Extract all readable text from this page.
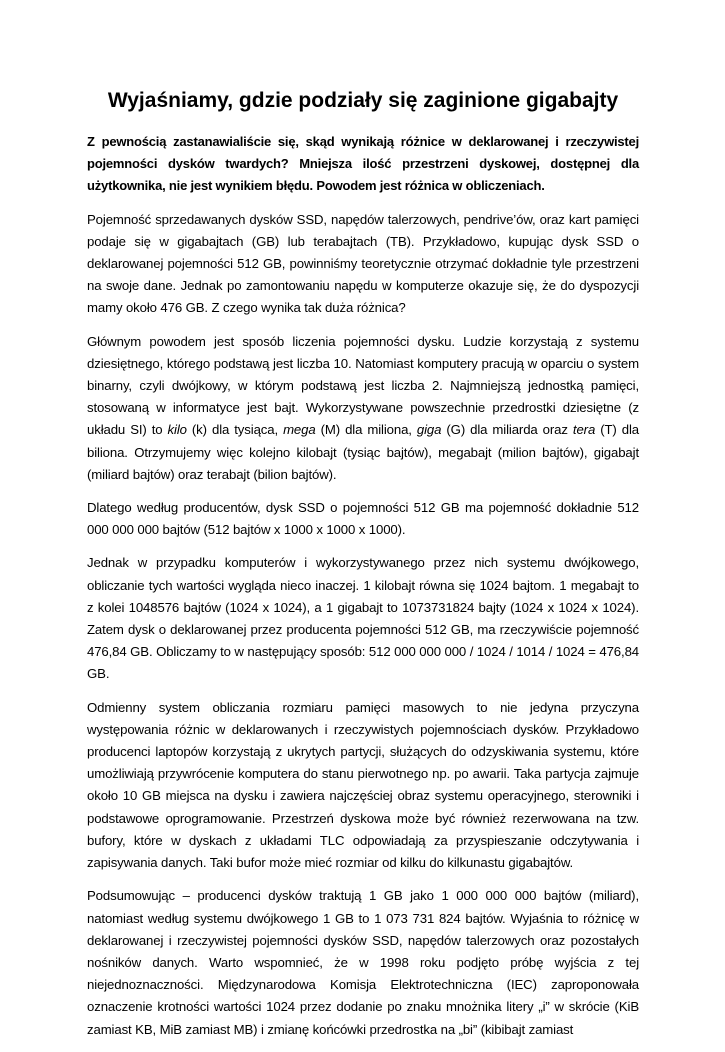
Wyjaśniamy, gdzie podziały się zaginione gigabajty

Z pewnością zastanawialiście się, skąd wynikają różnice w deklarowanej i rzeczywistej pojemności dysków twardych? Mniejsza ilość przestrzeni dyskowej, dostępnej dla użytkownika, nie jest wynikiem błędu. Powodem jest różnica w obliczeniach.

Pojemność sprzedawanych dysków SSD, napędów talerzowych, pendrive’ów, oraz kart pamięci podaje się w gigabajtach (GB) lub terabajtach (TB). Przykładowo, kupując dysk SSD o deklarowanej pojemności 512 GB, powinniśmy teoretycznie otrzymać dokładnie tyle przestrzeni na swoje dane. Jednak po zamontowaniu napędu w komputerze okazuje się, że do dyspozycji mamy około 476 GB. Z czego wynika tak duża różnica?

Głównym powodem jest sposób liczenia pojemności dysku. Ludzie korzystają z systemu dziesiętnego, którego podstawą jest liczba 10. Natomiast komputery pracują w oparciu o system binarny, czyli dwójkowy, w którym podstawą jest liczba 2. Najmniejszą jednostką pamięci, stosowaną w informatyce jest bajt. Wykorzystywane powszechnie przedrostki dziesiętne (z układu SI) to kilo (k) dla tysiąca, mega (M) dla miliona, giga (G) dla miliarda oraz tera (T) dla biliona. Otrzymujemy więc kolejno kilobajt (tysiąc bajtów), megabajt (milion bajtów), gigabajt (miliard bajtów) oraz terabajt (bilion bajtów).

Dlatego według producentów, dysk SSD o pojemności 512 GB ma pojemność dokładnie 512 000 000 000 bajtów (512 bajtów x 1000 x 1000 x 1000).

Jednak w przypadku komputerów i wykorzystywanego przez nich systemu dwójkowego, obliczanie tych wartości wygląda nieco inaczej. 1 kilobajt równa się 1024 bajtom. 1 megabajt to z kolei 1048576 bajtów (1024 x 1024), a 1 gigabajt to 1073731824 bajty (1024 x 1024 x 1024). Zatem dysk o deklarowanej przez producenta pojemności 512 GB, ma rzeczywiście pojemność 476,84 GB. Obliczamy to w następujący sposób: 512 000 000 000 / 1024 / 1014 / 1024 = 476,84 GB.

Odmienny system obliczania rozmiaru pamięci masowych to nie jedyna przyczyna występowania różnic w deklarowanych i rzeczywistych pojemnościach dysków. Przykładowo producenci laptopów korzystają z ukrytych partycji, służących do odzyskiwania systemu, które umożliwiają przywrócenie komputera do stanu pierwotnego np. po awarii. Taka partycja zajmuje około 10 GB miejsca na dysku i zawiera najczęściej obraz systemu operacyjnego, sterowniki i podstawowe oprogramowanie. Przestrzeń dyskowa może być również rezerwowana na tzw. bufory, które w dyskach z układami TLC odpowiadają za przyspieszanie odczytywania i zapisywania danych. Taki bufor może mieć rozmiar od kilku do kilkunastu gigabajtów.

Podsumowując – producenci dysków traktują 1 GB jako 1 000 000 000 bajtów (miliard), natomiast według systemu dwójkowego 1 GB to 1 073 731 824 bajtów. Wyjaśnia to różnicę w deklarowanej i rzeczywistej pojemności dysków SSD, napędów talerzowych oraz pozostałych nośników danych. Warto wspomnieć, że w 1998 roku podjęto próbę wyjścia z tej niejednoznaczności. Międzynarodowa Komisja Elektrotechniczna (IEC) zaproponowała oznaczenie krotności wartości 1024 przez dodanie po znaku mnożnika litery „i” w skrócie (KiB zamiast KB, MiB zamiast MB) i zmianę końcówki przedrostka na „bi” (kibibajt zamiast
